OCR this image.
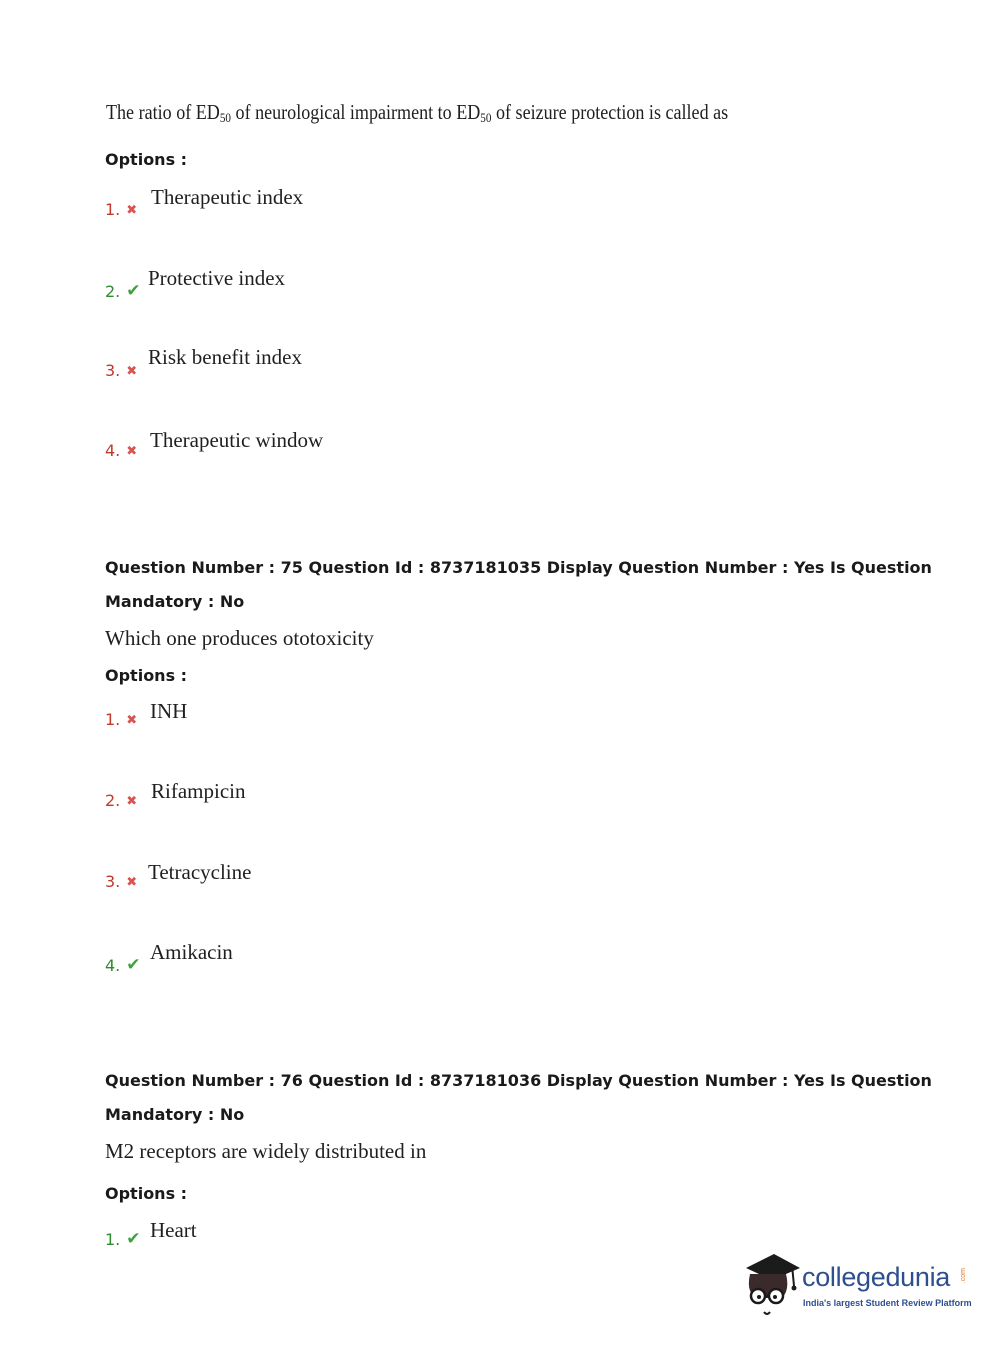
The ratio of $ED_{50}$ of neurological impairment to $ED_{50}$ of seizure protection is called as
Options :
1. ✖
Therapeutic index
2. ✔
Protective index
3. ✖
Risk benefit index
4. ✖ Therapeutic window
Question Number : 75 Question Id : 8737181035 Display Question Number : Yes Is Question
Mandatory : No
Which one produces ototoxicity
Options :
1. ✖ INH
2. ✖ Rifampicin
3. ✖ Tetracycline
4. ✔
Amikacin
Question Number : 76 Question Id : 8737181036 Display Question Number : Yes Is Question
Mandatory : No
M2 receptors are widely distributed in
Options :
1. ✔ Heart
collegedunia .com
India's largest Student Review Platform
